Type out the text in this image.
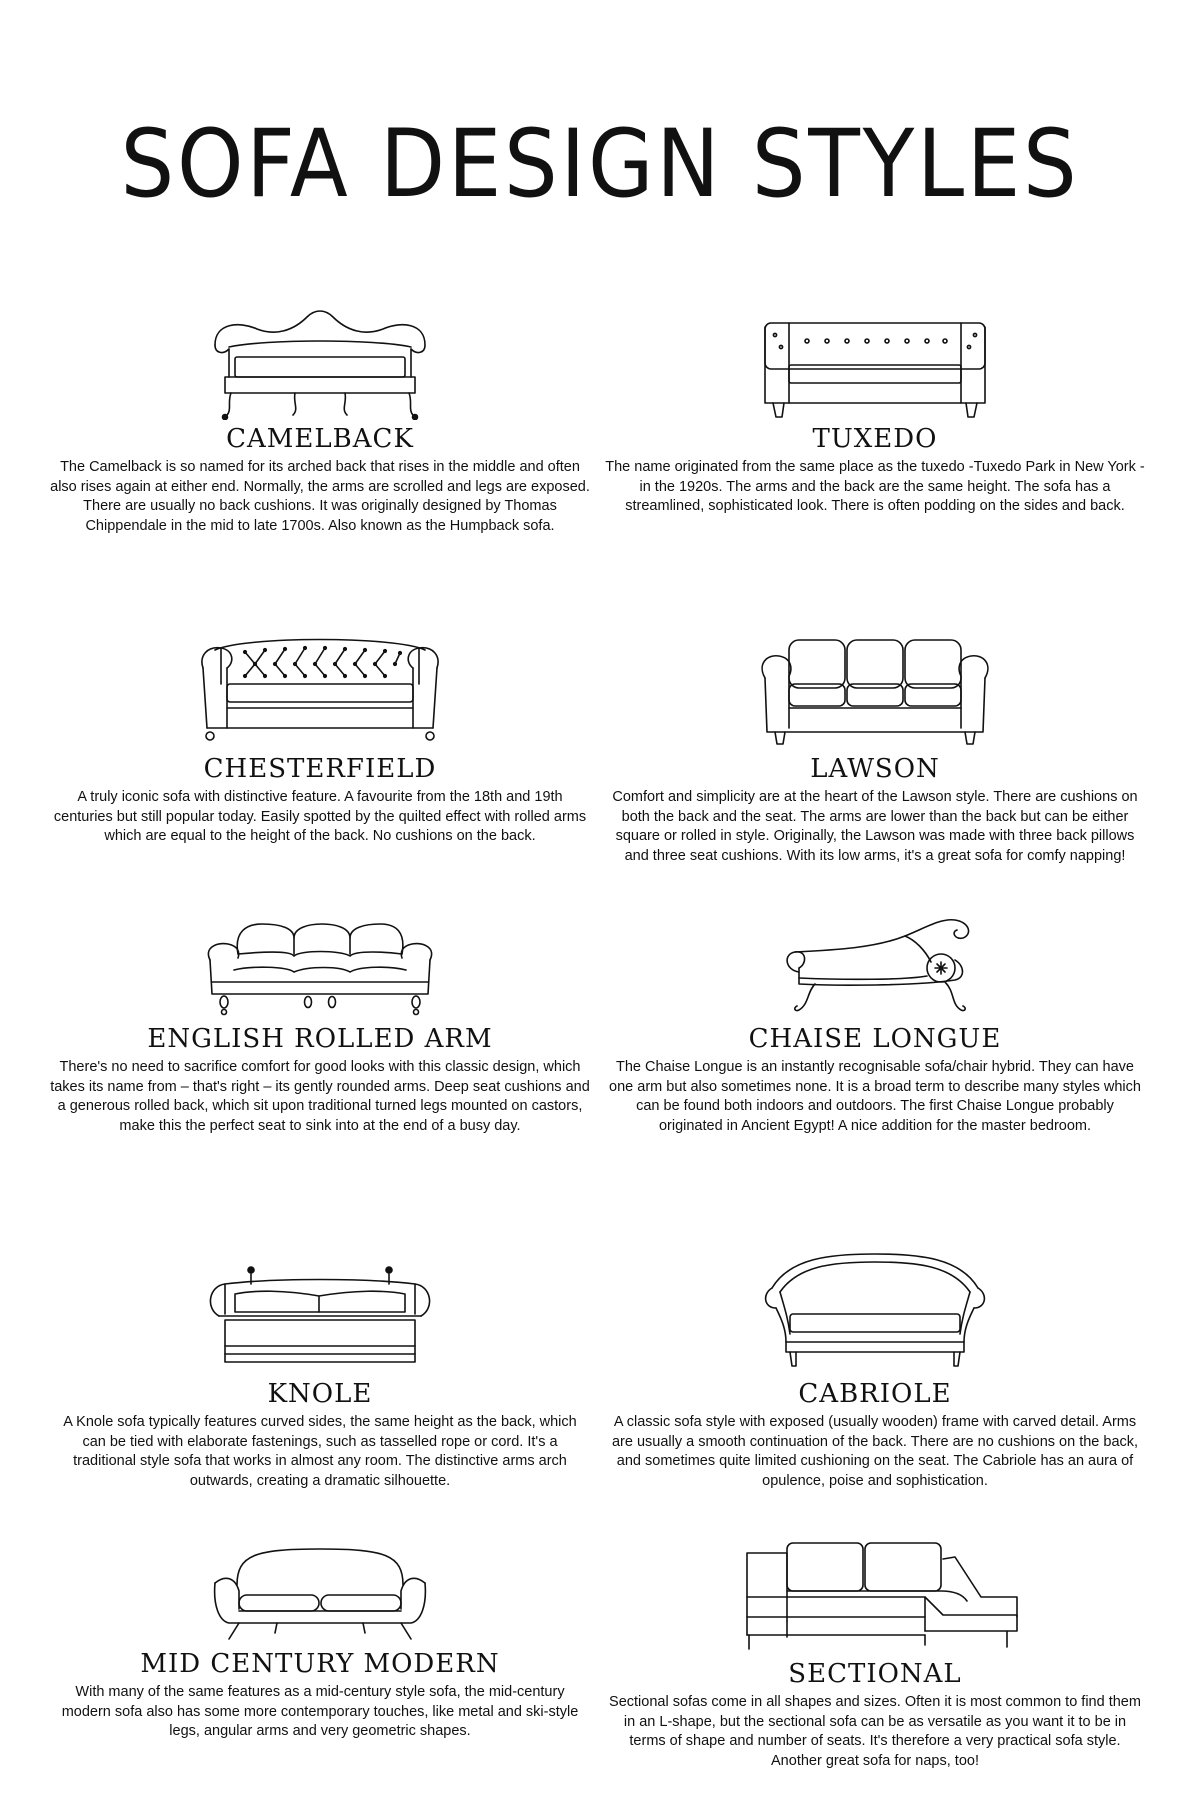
SOFA DESIGN STYLES
CAMELBACK

The Camelback is so named for its arched back that rises in the middle and often also rises again at either end. Normally, the arms are scrolled and legs are exposed. There are usually no back cushions. It was originally designed by Thomas Chippendale in the mid to late 1700s. Also known as the Humpback sofa.

TUXEDO

The name originated from the same place as the tuxedo -Tuxedo Park in New York - in the 1920s. The arms and the back are the same height. The sofa has a streamlined, sophisticated look. There is often podding on the sides and back.

CHESTERFIELD

A truly iconic sofa with distinctive feature. A favourite from the 18th and 19th centuries but still popular today. Easily spotted by the quilted effect with rolled arms which are equal to the height of the back. No cushions on the back.

LAWSON

Comfort and simplicity are at the heart of the Lawson style. There are cushions on both the back and the seat. The arms are lower than the back but can be either square or rolled in style. Originally, the Lawson was made with three back pillows and three seat cushions. With its low arms, it's a great sofa for comfy napping!

ENGLISH ROLLED ARM

There's no need to sacrifice comfort for good looks with this classic design, which takes its name from – that's right – its gently rounded arms. Deep seat cushions and a generous rolled back, which sit upon traditional turned legs mounted on castors, make this the perfect seat to sink into at the end of a busy day.

CHAISE LONGUE

The Chaise Longue is an instantly recognisable sofa/chair hybrid. They can have one arm but also sometimes none. It is a broad term to describe many styles which can be found both indoors and outdoors. The first Chaise Longue probably originated in Ancient Egypt! A nice addition for the master bedroom.

KNOLE

A Knole sofa typically features curved sides, the same height as the back, which can be tied with elaborate fastenings, such as tasselled rope or cord. It's a traditional style sofa that works in almost any room. The distinctive arms arch outwards, creating a dramatic silhouette.

CABRIOLE

A classic sofa style with exposed (usually wooden) frame with carved detail. Arms are usually a smooth continuation of the back. There are no cushions on the back, and sometimes quite limited cushioning on the seat. The Cabriole has an aura of opulence, poise and sophistication.

MID CENTURY MODERN

With many of the same features as a mid-century style sofa, the mid-century modern sofa also has some more contemporary touches, like metal and ski-style legs, angular arms and very geometric shapes.

SECTIONAL

Sectional sofas come in all shapes and sizes. Often it is most common to find them in an L-shape, but the sectional sofa can be as versatile as you want it to be in terms of shape and number of seats. It's therefore a very practical sofa style. Another great sofa for naps, too!
